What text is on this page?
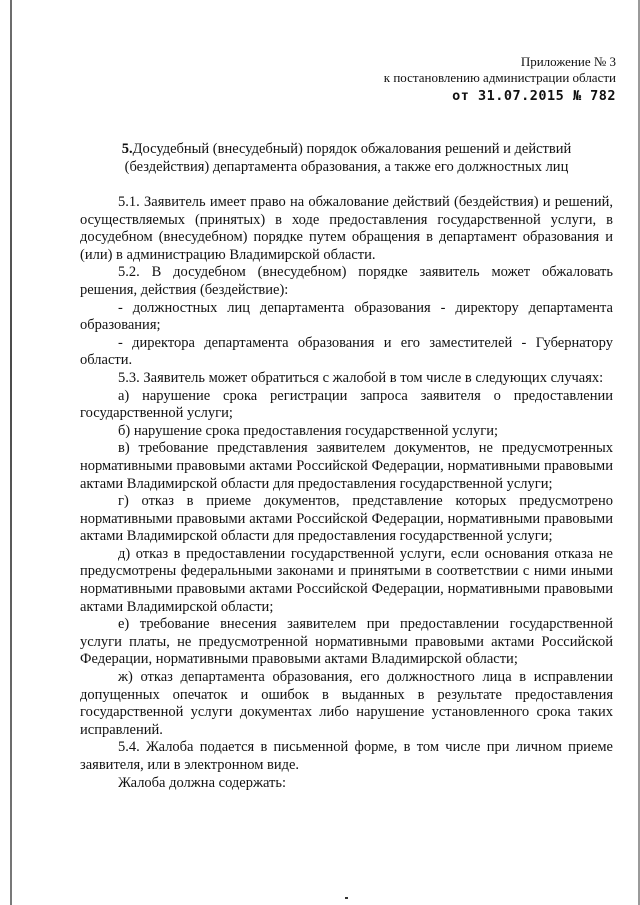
Приложение № 3
к постановлению администрации области
от 31.07.2015 № 782
5.Досудебный (внесудебный) порядок обжалования решений и действий (бездействия) департамента образования, а также его должностных лиц

5.1. Заявитель имеет право на обжалование действий (бездействия) и решений, осуществляемых (принятых) в ходе предоставления государственной услуги, в досудебном (внесудебном) порядке путем обращения в департамент образования и (или) в администрацию Владимирской области.

5.2. В досудебном (внесудебном) порядке заявитель может обжаловать решения, действия (бездействие):

- должностных лиц департамента образования - директору департамента образования;

- директора департамента образования и его заместителей - Губернатору области.

5.3. Заявитель может обратиться с жалобой в том числе в следующих случаях:

а) нарушение срока регистрации запроса заявителя о предоставлении государственной услуги;

б) нарушение срока предоставления государственной услуги;

в) требование представления заявителем документов, не предусмотренных нормативными правовыми актами Российской Федерации, нормативными правовыми актами Владимирской области для предоставления государственной услуги;

г) отказ в приеме документов, представление которых предусмотрено нормативными правовыми актами Российской Федерации, нормативными правовыми актами Владимирской области для предоставления государственной услуги;

д) отказ в предоставлении государственной услуги, если основания отказа не предусмотрены федеральными законами и принятыми в соответствии с ними иными нормативными правовыми актами Российской Федерации, нормативными правовыми актами Владимирской области;

е) требование внесения заявителем при предоставлении государственной услуги платы, не предусмотренной нормативными правовыми актами Российской Федерации, нормативными правовыми актами Владимирской области;

ж) отказ департамента образования, его должностного лица в исправлении допущенных опечаток и ошибок в выданных в результате предоставления государственной услуги документах либо нарушение установленного срока таких исправлений.

5.4. Жалоба подается в письменной форме, в том числе при личном приеме заявителя, или в электронном виде.

Жалоба должна содержать:
